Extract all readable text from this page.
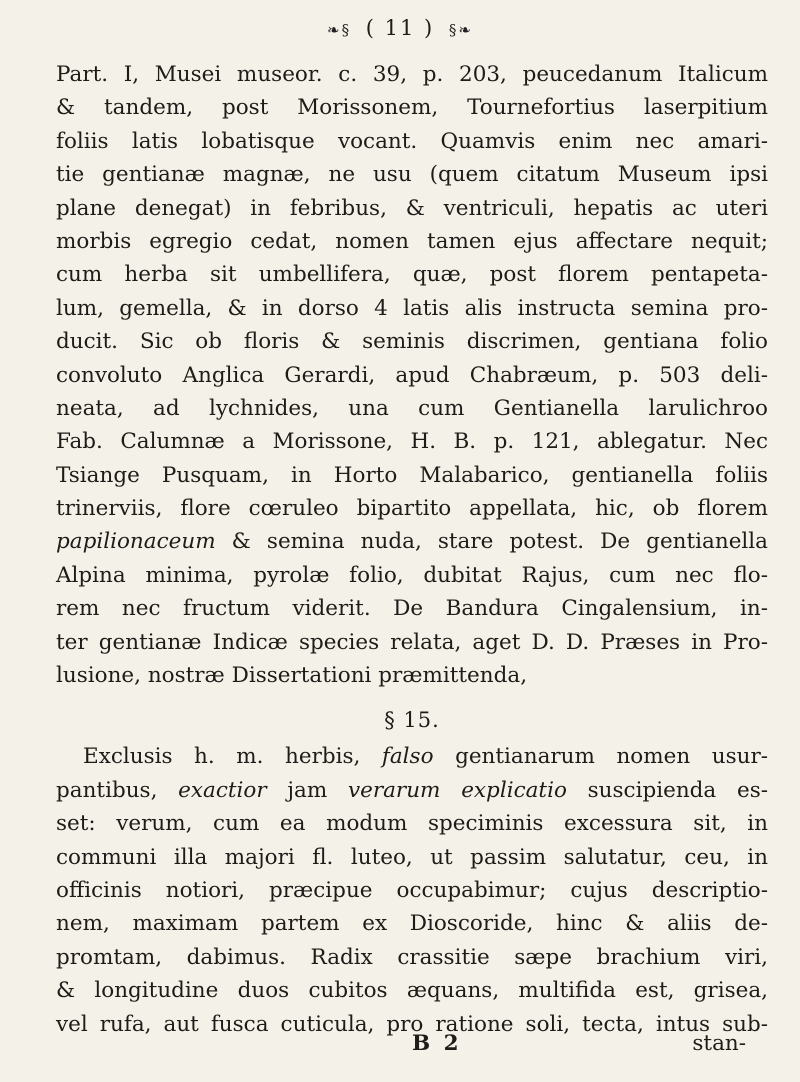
❧§ ( 11 ) §❧
Part. I, Musei museor. c. 39, p. 203, peucedanum Italicum
& tandem, post Morissonem, Tournefortius laserpitium
foliis latis lobatisque vocant. Quamvis enim nec amari-
tie gentianæ magnæ, ne usu (quem citatum Museum ipsi
plane denegat) in febribus, & ventriculi, hepatis ac uteri
morbis egregio cedat, nomen tamen ejus affectare nequit;
cum herba sit umbellifera, quæ, post florem pentapeta-
lum, gemella, & in dorso 4 latis alis instructa semina pro-
ducit. Sic ob floris & seminis discrimen, gentiana folio
convoluto Anglica Gerardi, apud Chabræum, p. 503 deli-
neata, ad lychnides, una cum Gentianella larulichroo
Fab. Calumnæ a Morissone, H. B. p. 121, ablegatur. Nec
Tsiange Pusquam, in Horto Malabarico, gentianella foliis
trinerviis, flore cœruleo bipartito appellata, hic, ob florem
papilionaceum & semina nuda, stare potest. De gentianella
Alpina minima, pyrolæ folio, dubitat Rajus, cum nec flo-
rem nec fructum viderit. De Bandura Cingalensium, in-
ter gentianæ Indicæ species relata, aget D. D. Præses in Pro-
lusione, nostræ Dissertationi præmittenda,
§ 15.
Exclusis h. m. herbis, falso gentianarum nomen usur-
pantibus, exactior jam verarum explicatio suscipienda es-
set: verum, cum ea modum speciminis excessura sit, in
communi illa majori fl. luteo, ut passim salutatur, ceu, in
officinis notiori, præcipue occupabimur; cujus descriptio-
nem, maximam partem ex Dioscoride, hinc & aliis de-
promtam, dabimus. Radix crassitie sæpe brachium viri,
& longitudine duos cubitos æquans, multifida est, grisea,
vel rufa, aut fusca cuticula, pro ratione soli, tecta, intus sub-
B 2	stan-
